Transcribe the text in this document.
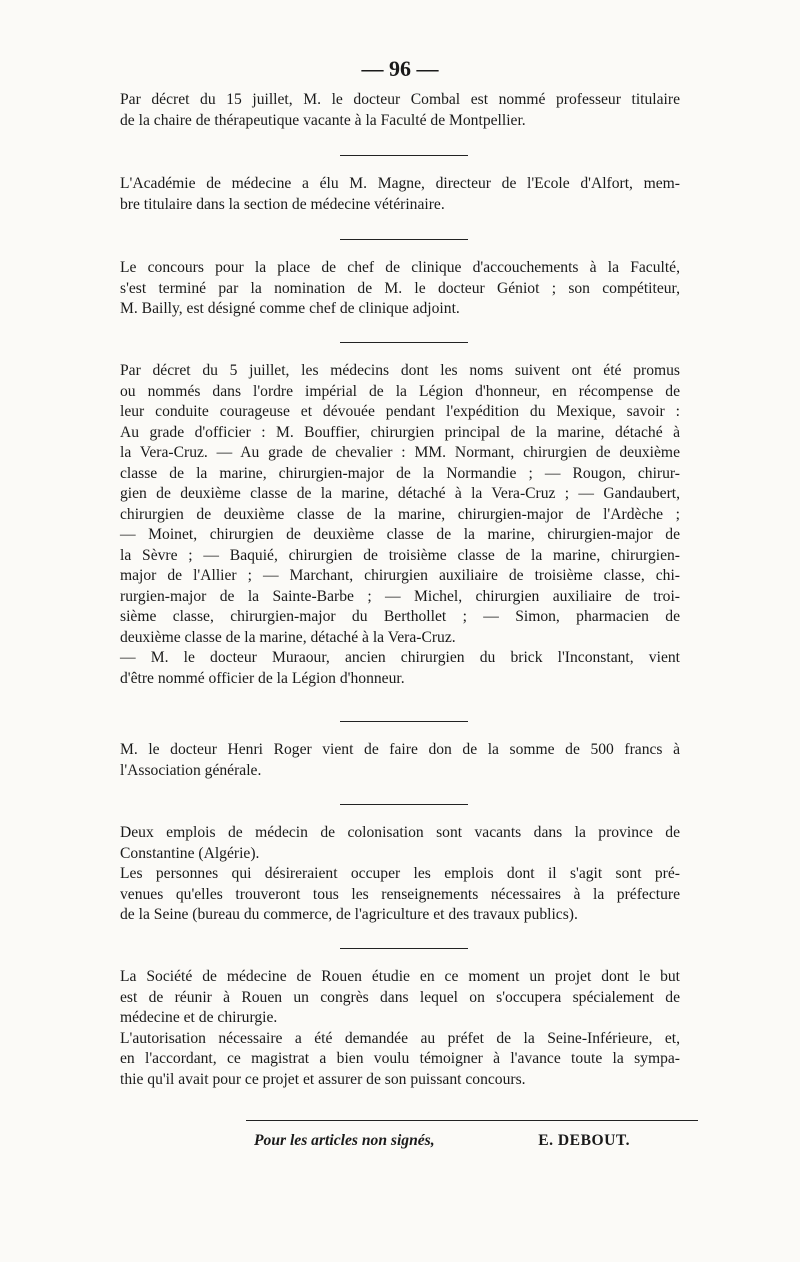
— 96 —
Par décret du 15 juillet, M. le docteur Combal est nommé professeur titulaire
de la chaire de thérapeutique vacante à la Faculté de Montpellier.
L'Académie de médecine a élu M. Magne, directeur de l'Ecole d'Alfort, mem-
bre titulaire dans la section de médecine vétérinaire.
Le concours pour la place de chef de clinique d'accouchements à la Faculté,
s'est terminé par la nomination de M. le docteur Géniot ; son compétiteur,
M. Bailly, est désigné comme chef de clinique adjoint.
Par décret du 5 juillet, les médecins dont les noms suivent ont été promus
ou nommés dans l'ordre impérial de la Légion d'honneur, en récompense de
leur conduite courageuse et dévouée pendant l'expédition du Mexique, savoir :
Au grade d'officier : M. Bouffier, chirurgien principal de la marine, détaché à
la Vera-Cruz. — Au grade de chevalier : MM. Normant, chirurgien de deuxième
classe de la marine, chirurgien-major de la Normandie ; — Rougon, chirur-
gien de deuxième classe de la marine, détaché à la Vera-Cruz ; — Gandaubert,
chirurgien de deuxième classe de la marine, chirurgien-major de l'Ardèche ;
— Moinet, chirurgien de deuxième classe de la marine, chirurgien-major de
la Sèvre ; — Baquié, chirurgien de troisième classe de la marine, chirurgien-
major de l'Allier ; — Marchant, chirurgien auxiliaire de troisième classe, chi-
rurgien-major de la Sainte-Barbe ; — Michel, chirurgien auxiliaire de troi-
sième classe, chirurgien-major du Berthollet ; — Simon, pharmacien de
deuxième classe de la marine, détaché à la Vera-Cruz.
— M. le docteur Muraour, ancien chirurgien du brick l'Inconstant, vient
d'être nommé officier de la Légion d'honneur.
M. le docteur Henri Roger vient de faire don de la somme de 500 francs à
l'Association générale.
Deux emplois de médecin de colonisation sont vacants dans la province de
Constantine (Algérie).
Les personnes qui désireraient occuper les emplois dont il s'agit sont pré-
venues qu'elles trouveront tous les renseignements nécessaires à la préfecture
de la Seine (bureau du commerce, de l'agriculture et des travaux publics).
La Société de médecine de Rouen étudie en ce moment un projet dont le but
est de réunir à Rouen un congrès dans lequel on s'occupera spécialement de
médecine et de chirurgie.
L'autorisation nécessaire a été demandée au préfet de la Seine-Inférieure, et,
en l'accordant, ce magistrat a bien voulu témoigner à l'avance toute la sympa-
thie qu'il avait pour ce projet et assurer de son puissant concours.
Pour les articles non signés,	E. DEBOUT.
